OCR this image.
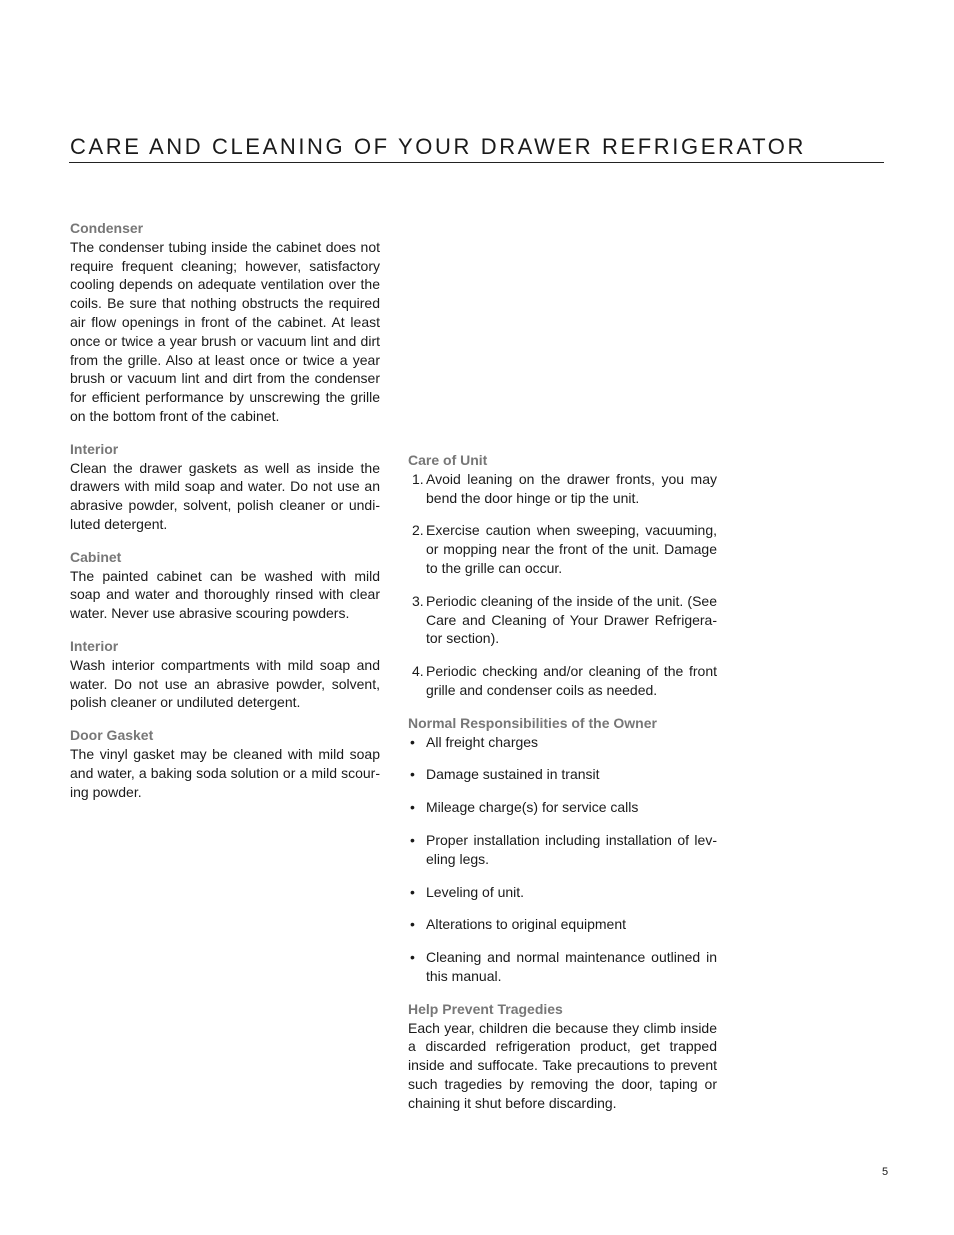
CARE AND CLEANING OF YOUR DRAWER REFRIGERATOR
Condenser

The condenser tubing inside the cabinet does not require frequent cleaning; however, satisfactory cooling depends on adequate ventilation over the coils. Be sure that nothing obstructs the required air flow openings in front of the cabinet. At least once or twice a year brush or vacuum lint and dirt from the grille. Also at least once or twice a year brush or vacuum lint and dirt from the condenser for efficient performance by unscrewing the grille on the bottom front of the cabinet.

Interior

Clean the drawer gaskets as well as inside the drawers with mild soap and water. Do not use an abrasive powder, solvent, polish cleaner or undi-luted detergent.

Cabinet

The painted cabinet can be washed with mild soap and water and thoroughly rinsed with clear water. Never use abrasive scouring powders.

Interior

Wash interior compartments with mild soap and water. Do not use an abrasive powder, solvent, polish cleaner or undiluted detergent.

Door Gasket

The vinyl gasket may be cleaned with mild soap and water, a baking soda solution or a mild scour-ing powder.

Care of Unit
1. Avoid leaning on the drawer fronts, you may bend the door hinge or tip the unit.
2. Exercise caution when sweeping, vacuuming, or mopping near the front of the unit. Damage to the grille can occur.
3. Periodic cleaning of the inside of the unit. (See Care and Cleaning of Your Drawer Refrigera-tor section).
4. Periodic checking and/or cleaning of the front grille and condenser coils as needed.
Normal Responsibilities of the Owner
• All freight charges
• Damage sustained in transit
• Mileage charge(s) for service calls
• Proper installation including installation of lev-eling legs.
• Leveling of unit.
• Alterations to original equipment
• Cleaning and normal maintenance outlined in this manual.
Help Prevent Tragedies

Each year, children die because they climb inside a discarded refrigeration product, get trapped inside and suffocate. Take precautions to prevent such tragedies by removing the door, taping or chaining it shut before discarding.

5
